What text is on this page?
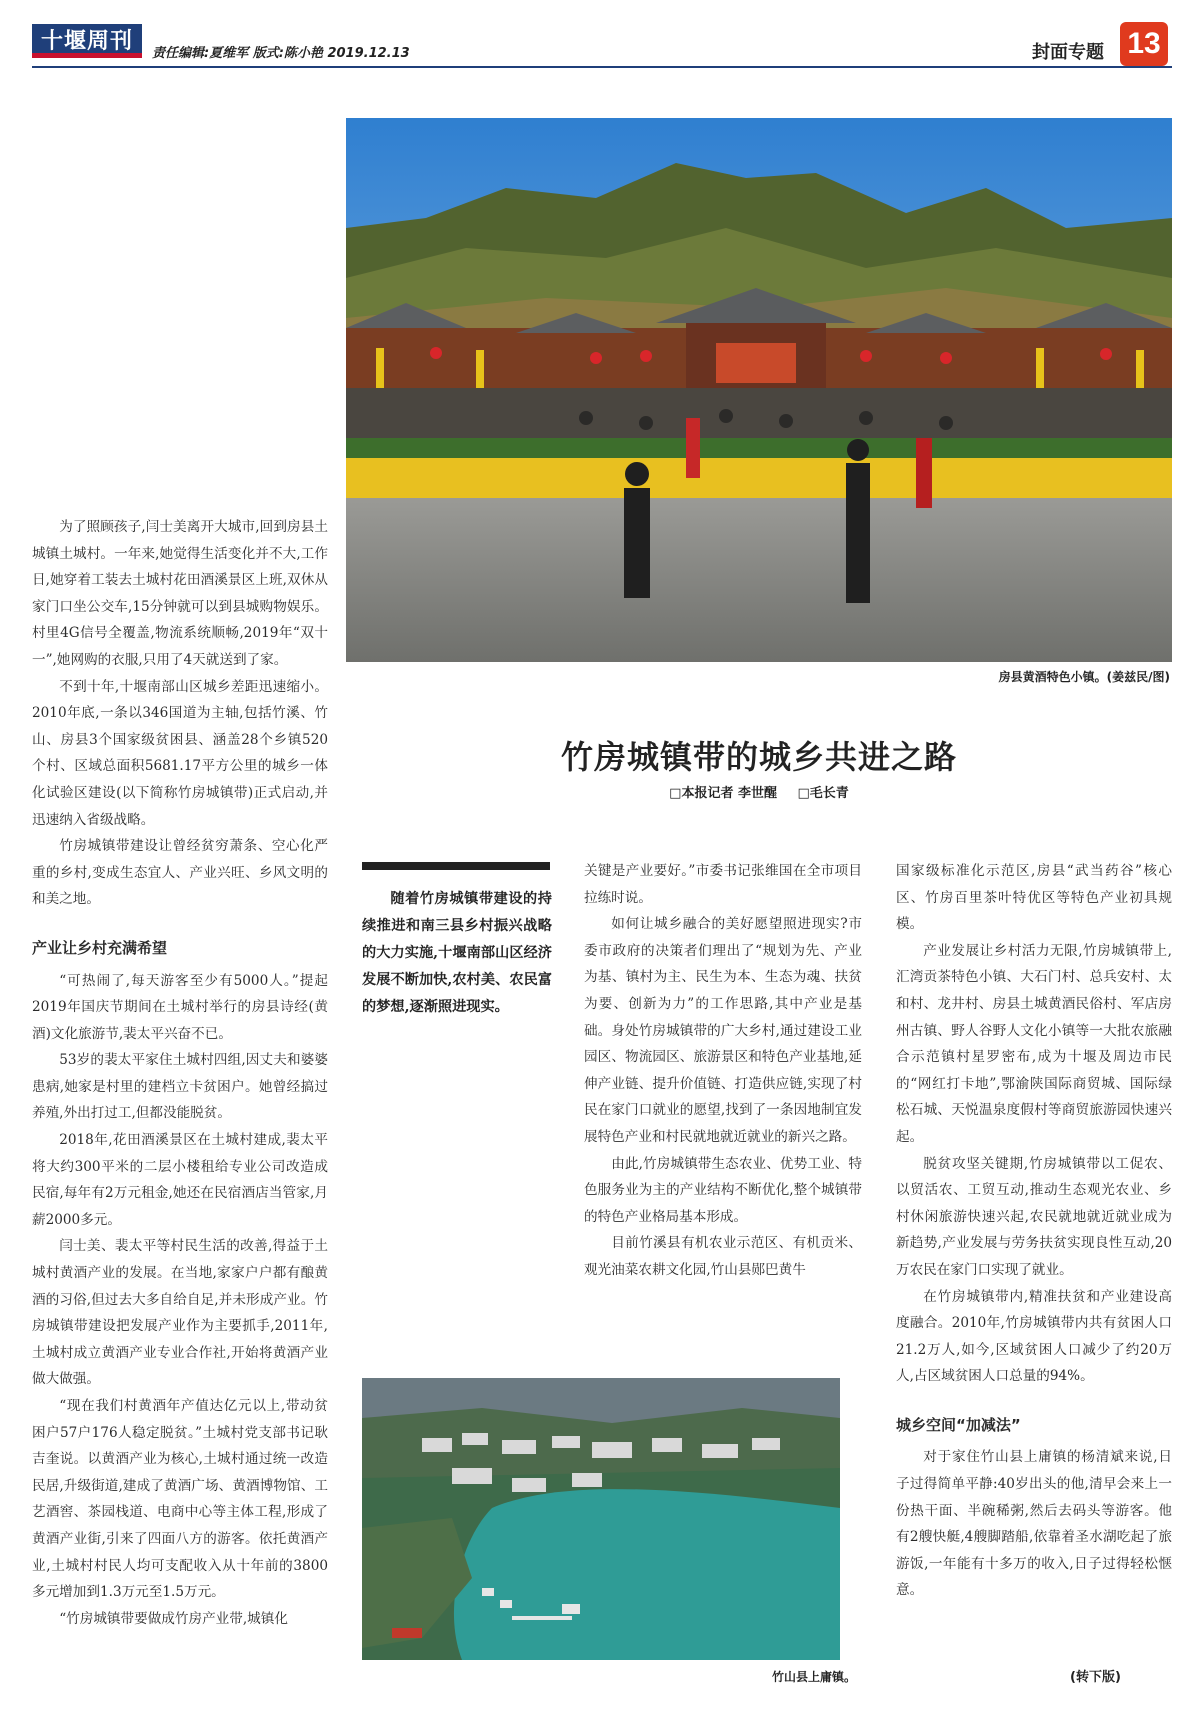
十堰周刊	责任编辑:夏维军 版式:陈小艳 2019.12.13	封面专题 13
房县黄酒特色小镇。(姜兹民/图)
竹房城镇带的城乡共进之路
□本报记者 李世醒 □毛长青

为了照顾孩子,闫士美离开大城市,回到房县土城镇土城村。一年来,她觉得生活变化并不大,工作日,她穿着工装去土城村花田酒溪景区上班,双休从家门口坐公交车,15分钟就可以到县城购物娱乐。村里4G信号全覆盖,物流系统顺畅,2019年“双十一”,她网购的衣服,只用了4天就送到了家。

不到十年,十堰南部山区城乡差距迅速缩小。2010年底,一条以346国道为主轴,包括竹溪、竹山、房县3个国家级贫困县、涵盖28个乡镇520个村、区域总面积5681.17平方公里的城乡一体化试验区建设(以下简称竹房城镇带)正式启动,并迅速纳入省级战略。

竹房城镇带建设让曾经贫穷萧条、空心化严重的乡村,变成生态宜人、产业兴旺、乡风文明的和美之地。

产业让乡村充满希望

“可热闹了,每天游客至少有5000人。”提起2019年国庆节期间在土城村举行的房县诗经(黄酒)文化旅游节,裴太平兴奋不已。

53岁的裴太平家住土城村四组,因丈夫和婆婆患病,她家是村里的建档立卡贫困户。她曾经搞过养殖,外出打过工,但都没能脱贫。

2018年,花田酒溪景区在土城村建成,裴太平将大约300平米的二层小楼租给专业公司改造成民宿,每年有2万元租金,她还在民宿酒店当管家,月薪2000多元。

闫士美、裴太平等村民生活的改善,得益于土城村黄酒产业的发展。在当地,家家户户都有酿黄酒的习俗,但过去大多自给自足,并未形成产业。竹房城镇带建设把发展产业作为主要抓手,2011年,土城村成立黄酒产业专业合作社,开始将黄酒产业做大做强。

“现在我们村黄酒年产值达亿元以上,带动贫困户57户176人稳定脱贫。”土城村党支部书记耿吉奎说。以黄酒产业为核心,土城村通过统一改造民居,升级街道,建成了黄酒广场、黄酒博物馆、工艺酒窖、茶园栈道、电商中心等主体工程,形成了黄酒产业街,引来了四面八方的游客。依托黄酒产业,土城村村民人均可支配收入从十年前的3800多元增加到1.3万元至1.5万元。

“竹房城镇带要做成竹房产业带,城镇化

随着竹房城镇带建设的持续推进和南三县乡村振兴战略的大力实施,十堰南部山区经济发展不断加快,农村美、农民富的梦想,逐渐照进现实。

关键是产业要好。”市委书记张维国在全市项目拉练时说。

如何让城乡融合的美好愿望照进现实?市委市政府的决策者们理出了“规划为先、产业为基、镇村为主、民生为本、生态为魂、扶贫为要、创新为力”的工作思路,其中产业是基础。身处竹房城镇带的广大乡村,通过建设工业园区、物流园区、旅游景区和特色产业基地,延伸产业链、提升价值链、打造供应链,实现了村民在家门口就业的愿望,找到了一条因地制宜发展特色产业和村民就地就近就业的新兴之路。

由此,竹房城镇带生态农业、优势工业、特色服务业为主的产业结构不断优化,整个城镇带的特色产业格局基本形成。

目前竹溪县有机农业示范区、有机贡米、观光油菜农耕文化园,竹山县郧巴黄牛

国家级标准化示范区,房县“武当药谷”核心区、竹房百里茶叶特优区等特色产业初具规模。

产业发展让乡村活力无限,竹房城镇带上,汇湾贡茶特色小镇、大石门村、总兵安村、太和村、龙井村、房县土城黄酒民俗村、军店房州古镇、野人谷野人文化小镇等一大批农旅融合示范镇村星罗密布,成为十堰及周边市民的“网红打卡地”,鄂渝陕国际商贸城、国际绿松石城、天悦温泉度假村等商贸旅游园快速兴起。

脱贫攻坚关键期,竹房城镇带以工促农、以贸活农、工贸互动,推动生态观光农业、乡村休闲旅游快速兴起,农民就地就近就业成为新趋势,产业发展与劳务扶贫实现良性互动,20万农民在家门口实现了就业。

在竹房城镇带内,精准扶贫和产业建设高度融合。2010年,竹房城镇带内共有贫困人口21.2万人,如今,区域贫困人口减少了约20万人,占区域贫困人口总量的94%。

城乡空间“加减法”

对于家住竹山县上庸镇的杨清斌来说,日子过得简单平静:40岁出头的他,清早会来上一份热干面、半碗稀粥,然后去码头等游客。他有2艘快艇,4艘脚踏船,依靠着圣水湖吃起了旅游饭,一年能有十多万的收入,日子过得轻松惬意。

竹山县上庸镇。	(转下版)
